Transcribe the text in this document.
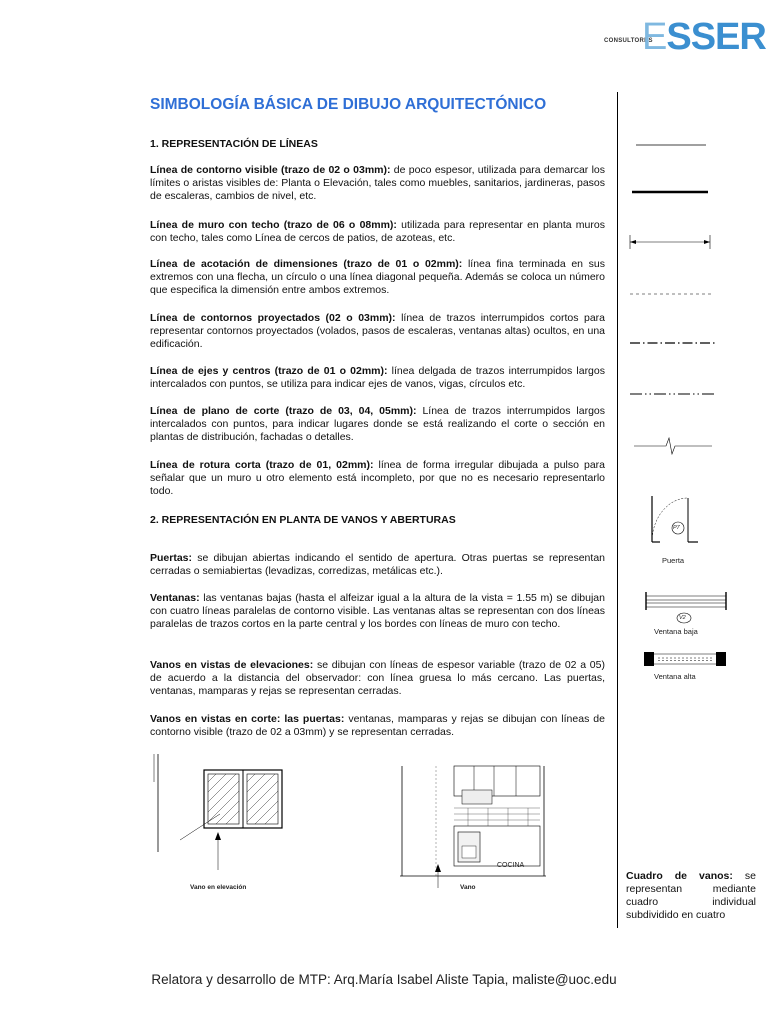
CONSULTORES
ESSER
SIMBOLOGÍA BÁSICA DE DIBUJO ARQUITECTÓNICO
1. REPRESENTACIÓN DE LÍNEAS
Línea de contorno visible (trazo de 02 o 03mm): de poco espesor, utilizada para demarcar los límites o aristas visibles de: Planta o Elevación, tales como muebles, sanitarios, jardineras, pasos de escaleras, cambios de nivel, etc.
Línea de muro con techo (trazo de 06 o 08mm): utilizada para representar en planta muros con techo, tales como Línea de cercos de patios, de azoteas, etc.
Línea de acotación de dimensiones (trazo de 01 o 02mm): línea fina terminada en sus extremos con una flecha, un círculo o una línea diagonal pequeña. Además se coloca un número que especifica la dimensión entre ambos extremos.
Línea de contornos proyectados (02 o 03mm): línea de trazos interrumpidos cortos para representar contornos proyectados (volados, pasos de escaleras, ventanas altas) ocultos, en una edificación.
Línea de ejes y centros (trazo de 01 o 02mm): línea delgada de trazos interrumpidos largos intercalados con puntos, se utiliza para indicar ejes de vanos, vigas, círculos etc.
Línea de plano de corte (trazo de 03, 04, 05mm): Línea de trazos interrumpidos largos intercalados con puntos, para indicar lugares donde se está realizando el corte o sección en plantas de distribución, fachadas o detalles.
Línea de rotura corta (trazo de 01, 02mm): línea de forma irregular dibujada a pulso para señalar que un muro u otro elemento está incompleto, por que no es necesario representarlo todo.
2. REPRESENTACIÓN EN PLANTA DE VANOS Y ABERTURAS
Puertas: se dibujan abiertas indicando el sentido de apertura. Otras puertas se representan cerradas o semiabiertas (levadizas, corredizas, metálicas etc.).
Ventanas: las ventanas bajas (hasta el alfeizar igual a la altura de la vista = 1.55 m) se dibujan con cuatro líneas paralelas de contorno visible. Las ventanas altas se representan con dos líneas paralelas de trazos cortos en la parte central y los bordes con líneas de muro con techo.
Vanos en vistas de elevaciones: se dibujan con líneas de espesor variable (trazo de 02 a 05) de acuerdo a la distancia del observador: con línea gruesa lo más cercano. Las puertas, ventanas, mamparas y rejas se representan cerradas.
Vanos en vistas en corte: las puertas: ventanas, mamparas y rejas se dibujan con líneas de contorno visible (trazo de 02 a 03mm) y se representan cerradas.
P7
Puerta
V2
Ventana baja
Ventana alta
Vano en elevación
COCINA
Vano
Cuadro de vanos: se representan mediante cuadro individual subdividido en cuatro
Relatora y desarrollo de MTP: Arq.María Isabel Aliste Tapia, maliste@uoc.edu
